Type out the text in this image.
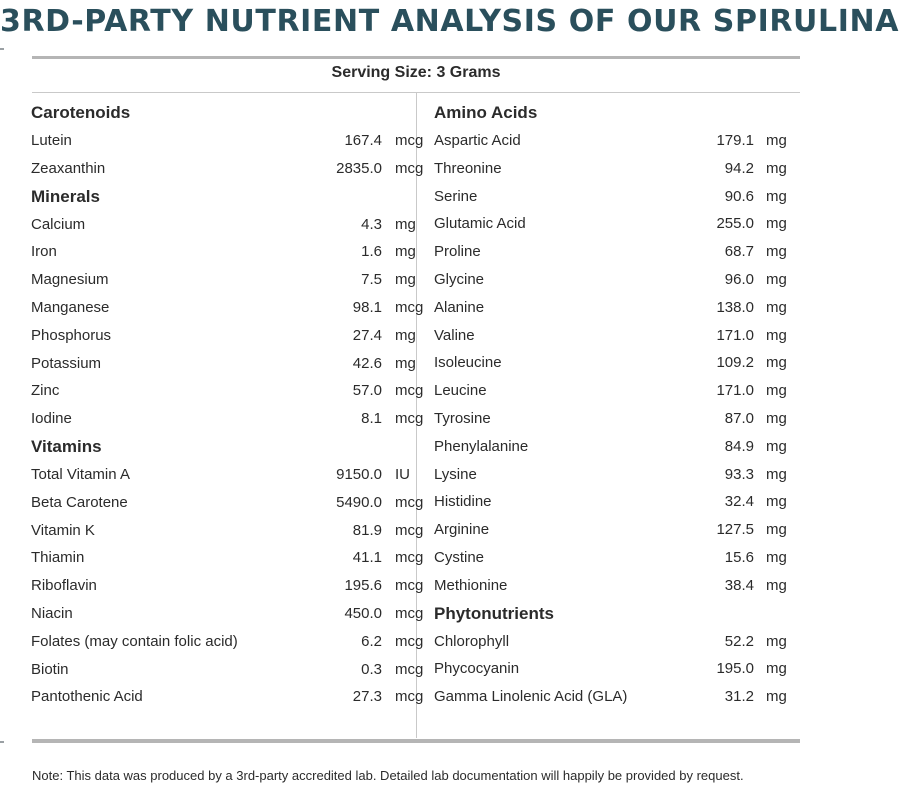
3RD-PARTY NUTRIENT ANALYSIS OF OUR SPIRULINA
Serving Size: 3 Grams
Carotenoids
Lutein	167.4 mcg
Zeaxanthin	2835.0 mcg
Minerals
Calcium	4.3 mg
Iron	1.6 mg
Magnesium	7.5 mg
Manganese	98.1 mcg
Phosphorus	27.4 mg
Potassium	42.6 mg
Zinc	57.0 mcg
Iodine	8.1 mcg
Vitamins
Total Vitamin A	9150.0 IU
Beta Carotene	5490.0 mcg
Vitamin K	81.9 mcg
Thiamin	41.1 mcg
Riboflavin	195.6 mcg
Niacin	450.0 mcg
Folates (may contain folic acid)	6.2 mcg
Biotin	0.3 mcg
Pantothenic Acid	27.3 mcg
Amino Acids
Aspartic Acid	179.1 mg
Threonine	94.2 mg
Serine	90.6 mg
Glutamic Acid	255.0 mg
Proline	68.7 mg
Glycine	96.0 mg
Alanine	138.0 mg
Valine	171.0 mg
Isoleucine	109.2 mg
Leucine	171.0 mg
Tyrosine	87.0 mg
Phenylalanine	84.9 mg
Lysine	93.3 mg
Histidine	32.4 mg
Arginine	127.5 mg
Cystine	15.6 mg
Methionine	38.4 mg
Phytonutrients
Chlorophyll	52.2 mg
Phycocyanin	195.0 mg
Gamma Linolenic Acid (GLA)	31.2 mg
Note: This data was produced by a 3rd-party accredited lab. Detailed lab documentation will happily be provided by request.
